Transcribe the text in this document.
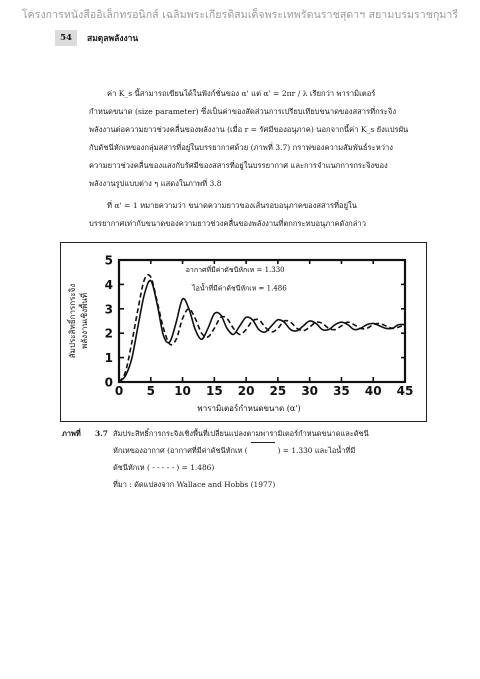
โครงการหนังสืออิเล็กทรอนิกส์ เฉลิมพระเกียรติสมเด็จพระเทพรัตนราชสุดาฯ สยามบรมราชกุมารี
54	สมดุลพลังงาน
ค่า K_s นี้สามารถเขียนได้ในฟังก์ชั่นของ α' แต่ α' = 2πr / λ เรียกว่า พารามิเตอร์
กำหนดขนาด (size parameter) ซึ่งเป็นค่าของสัดส่วนการเปรียบเทียบขนาดของสสารที่กระจิง
พลังงานต่อความยาวช่วงคลื่นของพลังงาน (เมื่อ r = รัศมีของอนุภาค) นอกจากนี้ค่า K_s ยังแปรผัน
กับดัชนีหักเหของกลุ่มสสารที่อยู่ในบรรยากาศด้วย (ภาพที่ 3.7) กราฟของความสัมพันธ์ระหว่าง
ความยาวช่วงคลื่นของแสงกับรัศมีของสสารที่อยู่ในบรรยากาศ และการจำแนกการกระจิงของ
พลังงานรูปแบบต่าง ๆ แสดงในภาพที่ 3.8
ที่ α' = 1 หมายความว่า ขนาดความยาวของเส้นรอบอนุภาคของสสารที่อยู่ใน
บรรยากาศเท่ากับขนาดของความยาวช่วงคลื่นของพลังงานที่ตกกระทบอนุภาคดังกล่าว
สัมประสิทธิ์การกระจิง พลังงานเชิงพื้นที่
0 5 10 15 20 25 30 35 40 45
0
1
2
3
4
5
อากาศที่มีค่าดัชนีหักเห = 1.330
ไอน้ำที่มีค่าดัชนีหักเห = 1.486
พารามิเตอร์กำหนดขนาด (α')
ภาพที่	3.7 สัมประสิทธิ์การกระจิงเชิงพื้นที่เปลี่ยนแปลงตามพารามิเตอร์กำหนดขนาดและดัชนี
หักเหของอากาศ (อากาศที่มีค่าดัชนีหักเห (	) = 1.330 และไอน้ำที่มี
ดัชนีหักเห ( - - - - - ) = 1.486)
ที่มา : ดัดแปลงจาก Wallace and Hobbs (1977)
